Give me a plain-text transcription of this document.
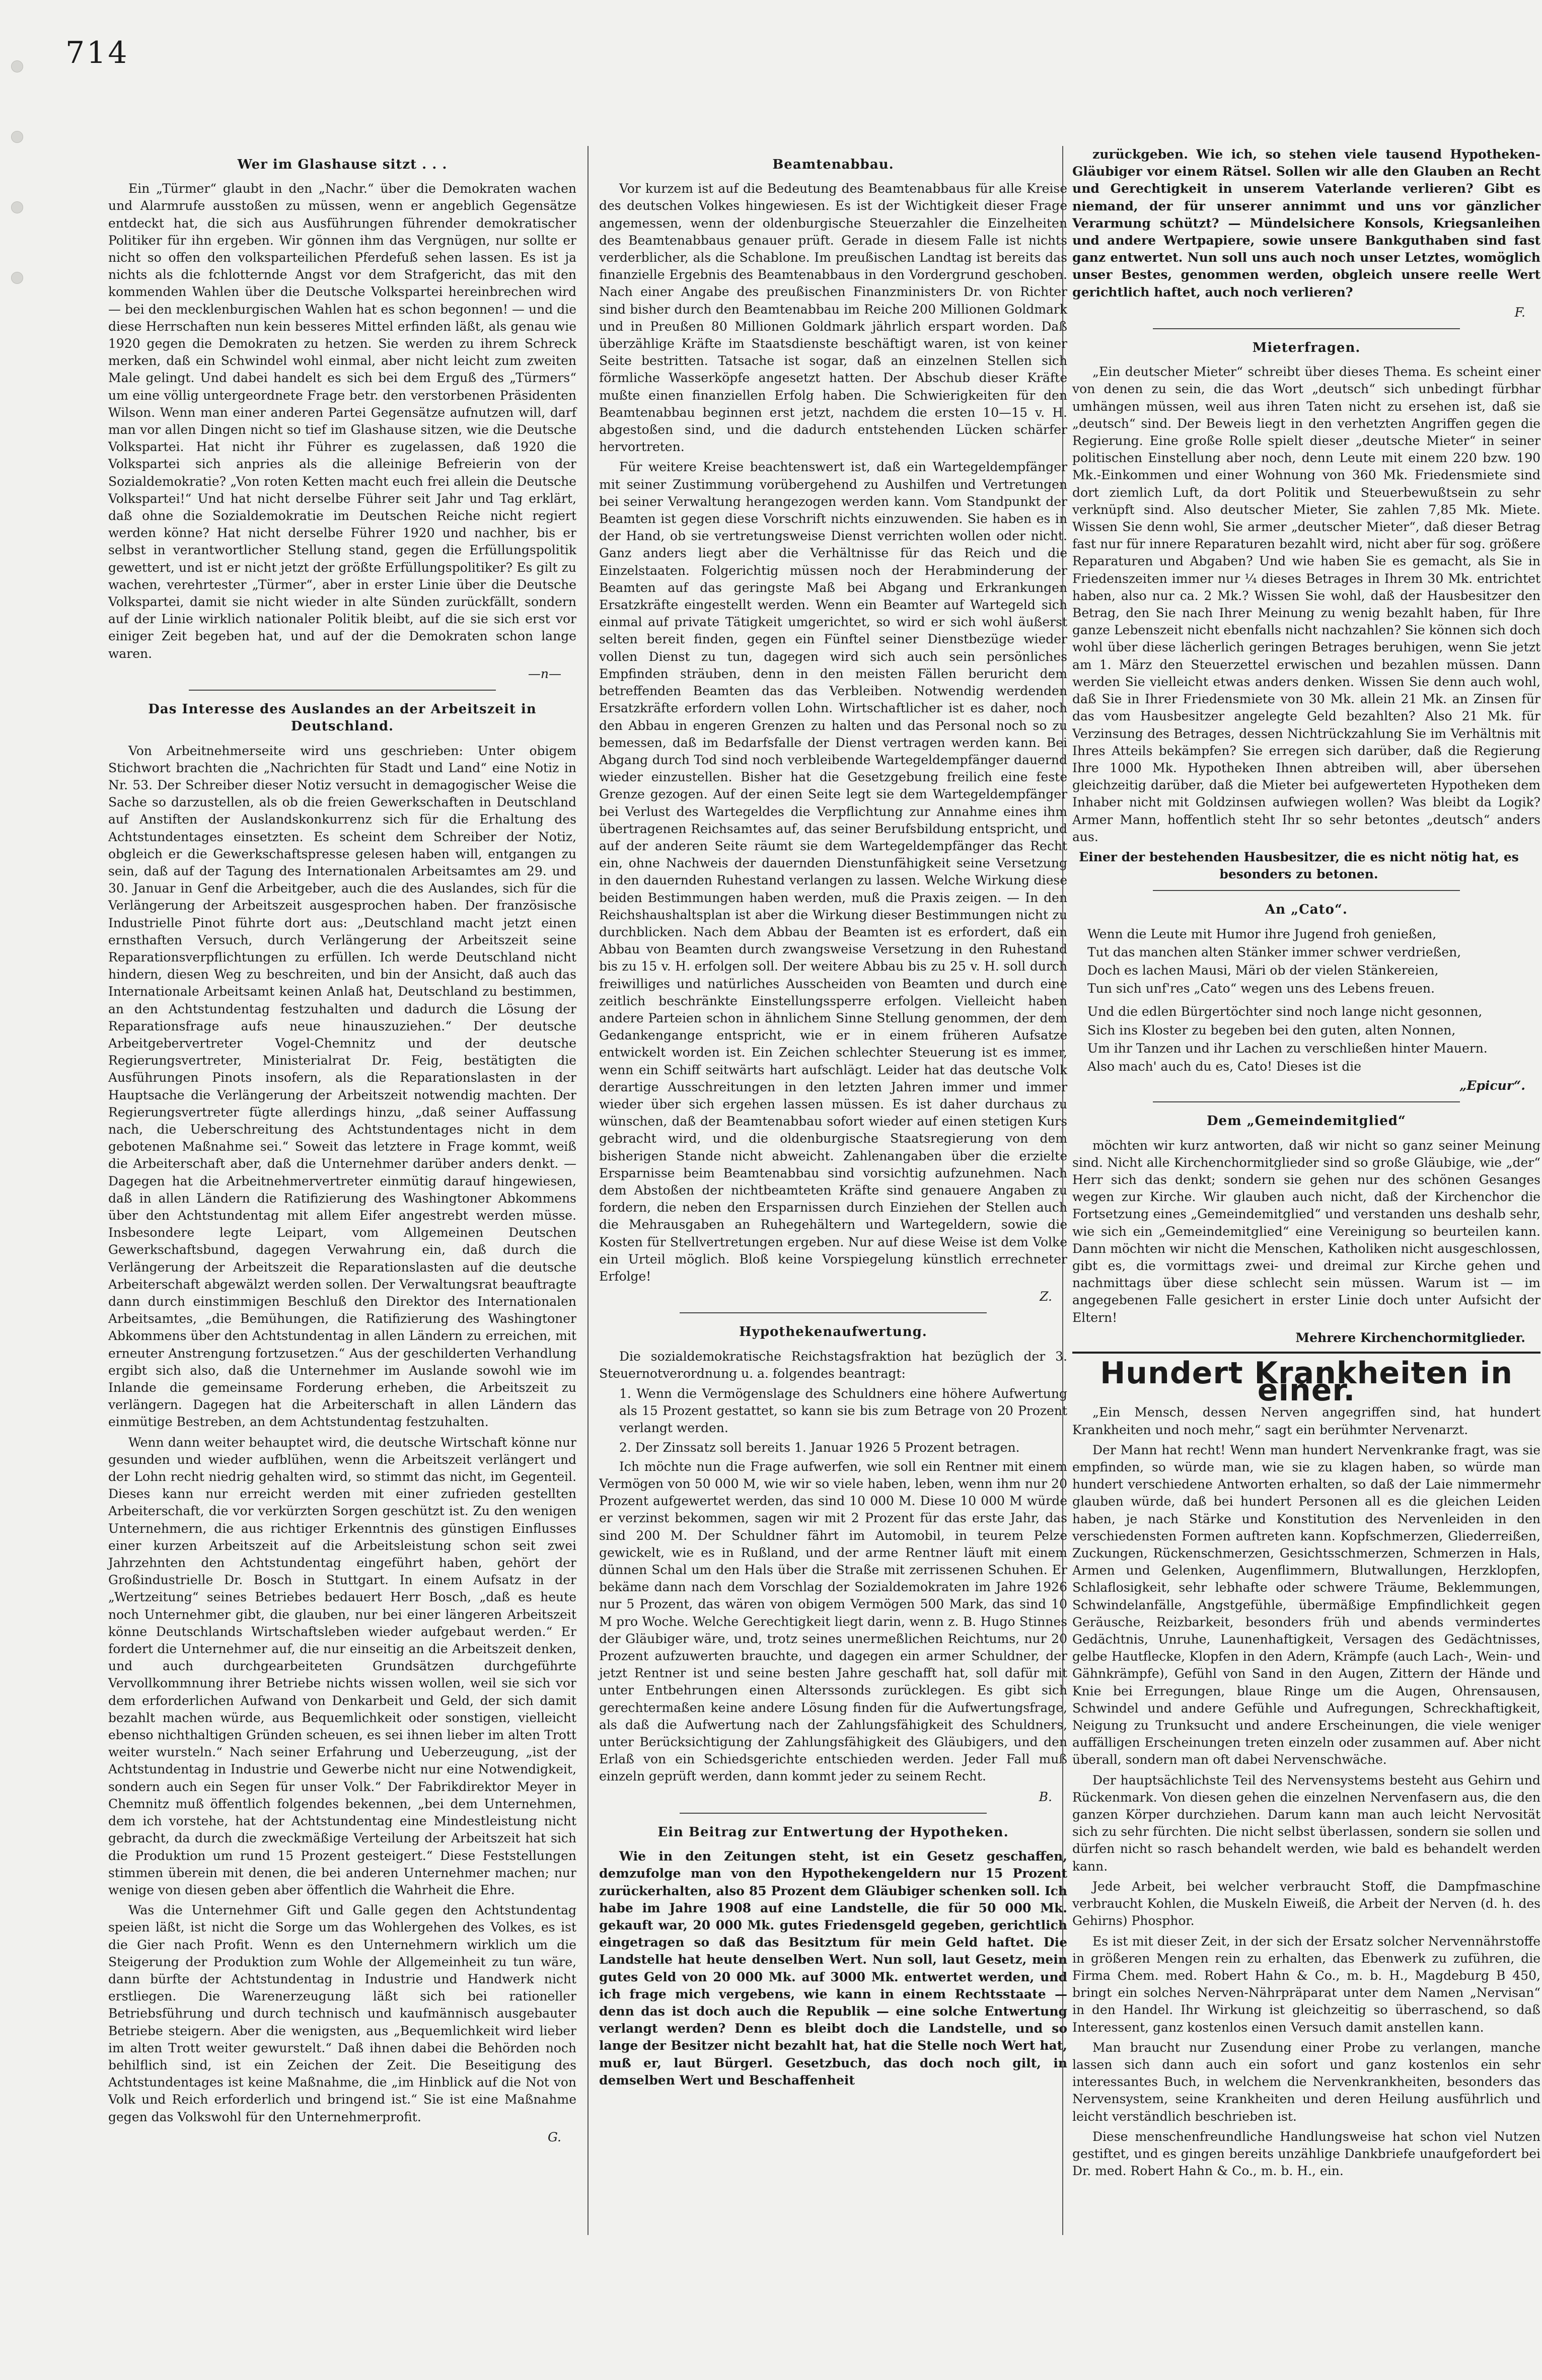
714
Wer im Glashause sitzt . . .

Ein „Türmer“ glaubt in den „Nachr.“ über die Demokraten wachen und Alarmrufe ausstoßen zu müssen, wenn er angeblich Gegensätze entdeckt hat, die sich aus Ausführungen führender demokratischer Politiker für ihn ergeben. Wir gönnen ihm das Vergnügen, nur sollte er nicht so offen den volksparteilichen Pferdefuß sehen lassen. Es ist ja nichts als die fchlotternde Angst vor dem Strafgericht, das mit den kommenden Wahlen über die Deutsche Volkspartei hereinbrechen wird — bei den mecklenburgischen Wahlen hat es schon begonnen! — und die diese Herrschaften nun kein besseres Mittel erfinden läßt, als genau wie 1920 gegen die Demokraten zu hetzen. Sie werden zu ihrem Schreck merken, daß ein Schwindel wohl einmal, aber nicht leicht zum zweiten Male gelingt. Und dabei handelt es sich bei dem Erguß des „Türmers“ um eine völlig untergeordnete Frage betr. den verstorbenen Präsidenten Wilson. Wenn man einer anderen Partei Gegensätze aufnutzen will, darf man vor allen Dingen nicht so tief im Glashause sitzen, wie die Deutsche Volkspartei. Hat nicht ihr Führer es zugelassen, daß 1920 die Volkspartei sich anpries als die alleinige Befreierin von der Sozialdemokratie? „Von roten Ketten macht euch frei allein die Deutsche Volkspartei!“ Und hat nicht derselbe Führer seit Jahr und Tag erklärt, daß ohne die Sozialdemokratie im Deutschen Reiche nicht regiert werden könne? Hat nicht derselbe Führer 1920 und nachher, bis er selbst in verantwortlicher Stellung stand, gegen die Erfüllungspolitik gewettert, und ist er nicht jetzt der größte Erfüllungspolitiker? Es gilt zu wachen, verehrtester „Türmer“, aber in erster Linie über die Deutsche Volkspartei, damit sie nicht wieder in alte Sünden zurückfällt, sondern auf der Linie wirklich nationaler Politik bleibt, auf die sie sich erst vor einiger Zeit begeben hat, und auf der die Demokraten schon lange waren.

—n—
Das Interesse des Auslandes an der Arbeitszeit in Deutschland.

Von Arbeitnehmerseite wird uns geschrieben: Unter obigem Stichwort brachten die „Nachrichten für Stadt und Land“ eine Notiz in Nr. 53. Der Schreiber dieser Notiz versucht in demagogischer Weise die Sache so darzustellen, als ob die freien Gewerkschaften in Deutschland auf Anstiften der Auslandskonkurrenz sich für die Erhaltung des Achtstundentages einsetzten. Es scheint dem Schreiber der Notiz, obgleich er die Gewerkschaftspresse gelesen haben will, entgangen zu sein, daß auf der Tagung des Internationalen Arbeitsamtes am 29. und 30. Januar in Genf die Arbeitgeber, auch die des Auslandes, sich für die Verlängerung der Arbeitszeit ausgesprochen haben. Der französische Industrielle Pinot führte dort aus: „Deutschland macht jetzt einen ernsthaften Versuch, durch Verlängerung der Arbeitszeit seine Reparationsverpflichtungen zu erfüllen. Ich werde Deutschland nicht hindern, diesen Weg zu beschreiten, und bin der Ansicht, daß auch das Internationale Arbeitsamt keinen Anlaß hat, Deutschland zu bestimmen, an den Achtstundentag festzuhalten und dadurch die Lösung der Reparationsfrage aufs neue hinauszuziehen.“ Der deutsche Arbeitgebervertreter Vogel-Chemnitz und der deutsche Regierungsvertreter, Ministerialrat Dr. Feig, bestätigten die Ausführungen Pinots insofern, als die Reparationslasten in der Hauptsache die Verlängerung der Arbeitszeit notwendig machten. Der Regierungsvertreter fügte allerdings hinzu, „daß seiner Auffassung nach, die Ueberschreitung des Achtstundentages nicht in dem gebotenen Maßnahme sei.“ Soweit das letztere in Frage kommt, weiß die Arbeiterschaft aber, daß die Unternehmer darüber anders denkt. — Dagegen hat die Arbeitnehmervertreter einmütig darauf hingewiesen, daß in allen Ländern die Ratifizierung des Washingtoner Abkommens über den Achtstundentag mit allem Eifer angestrebt werden müsse. Insbesondere legte Leipart, vom Allgemeinen Deutschen Gewerkschaftsbund, dagegen Verwahrung ein, daß durch die Verlängerung der Arbeitszeit die Reparationslasten auf die deutsche Arbeiterschaft abgewälzt werden sollen. Der Verwaltungsrat beauftragte dann durch einstimmigen Beschluß den Direktor des Internationalen Arbeitsamtes, „die Bemühungen, die Ratifizierung des Washingtoner Abkommens über den Achtstundentag in allen Ländern zu erreichen, mit erneuter Anstrengung fortzusetzen.“ Aus der geschilderten Verhandlung ergibt sich also, daß die Unternehmer im Auslande sowohl wie im Inlande die gemeinsame Forderung erheben, die Arbeitszeit zu verlängern. Dagegen hat die Arbeiterschaft in allen Ländern das einmütige Bestreben, an dem Achtstundentag festzuhalten.

Wenn dann weiter behauptet wird, die deutsche Wirtschaft könne nur gesunden und wieder aufblühen, wenn die Arbeitszeit verlängert und der Lohn recht niedrig gehalten wird, so stimmt das nicht, im Gegenteil. Dieses kann nur erreicht werden mit einer zufrieden gestellten Arbeiterschaft, die vor verkürzten Sorgen geschützt ist. Zu den wenigen Unternehmern, die aus richtiger Erkenntnis des günstigen Einflusses einer kurzen Arbeitszeit auf die Arbeitsleistung schon seit zwei Jahrzehnten den Achtstundentag eingeführt haben, gehört der Großindustrielle Dr. Bosch in Stuttgart. In einem Aufsatz in der „Wertzeitung“ seines Betriebes bedauert Herr Bosch, „daß es heute noch Unternehmer gibt, die glauben, nur bei einer längeren Arbeitszeit könne Deutschlands Wirtschaftsleben wieder aufgebaut werden.“ Er fordert die Unternehmer auf, die nur einseitig an die Arbeitszeit denken, und auch durchgearbeiteten Grundsätzen durchgeführte Vervollkommnung ihrer Betriebe nichts wissen wollen, weil sie sich vor dem erforderlichen Aufwand von Denkarbeit und Geld, der sich damit bezahlt machen würde, aus Bequemlichkeit oder sonstigen, vielleicht ebenso nichthaltigen Gründen scheuen, es sei ihnen lieber im alten Trott weiter wursteln.“ Nach seiner Erfahrung und Ueberzeugung, „ist der Achtstundentag in Industrie und Gewerbe nicht nur eine Notwendigkeit, sondern auch ein Segen für unser Volk.“ Der Fabrikdirektor Meyer in Chemnitz muß öffentlich folgendes bekennen, „bei dem Unternehmen, dem ich vorstehe, hat der Achtstundentag eine Mindestleistung nicht gebracht, da durch die zweckmäßige Verteilung der Arbeitszeit hat sich die Produktion um rund 15 Prozent gesteigert.“ Diese Feststellungen stimmen überein mit denen, die bei anderen Unternehmer machen; nur wenige von diesen geben aber öffentlich die Wahrheit die Ehre.

Was die Unternehmer Gift und Galle gegen den Achtstundentag speien läßt, ist nicht die Sorge um das Wohlergehen des Volkes, es ist die Gier nach Profit. Wenn es den Unternehmern wirklich um die Steigerung der Produktion zum Wohle der Allgemeinheit zu tun wäre, dann bürfte der Achtstundentag in Industrie und Handwerk nicht erstliegen. Die Warenerzeugung läßt sich bei rationeller Betriebsführung und durch technisch und kaufmännisch ausgebauter Betriebe steigern. Aber die wenigsten, aus „Bequemlichkeit wird lieber im alten Trott weiter gewurstelt.“ Daß ihnen dabei die Behörden noch behilflich sind, ist ein Zeichen der Zeit. Die Beseitigung des Achtstundentages ist keine Maßnahme, die „im Hinblick auf die Not von Volk und Reich erforderlich und bringend ist.“ Sie ist eine Maßnahme gegen das Volkswohl für den Unternehmerprofit.

G.
Beamtenabbau.

Vor kurzem ist auf die Bedeutung des Beamtenabbaus für alle Kreise des deutschen Volkes hingewiesen. Es ist der Wichtigkeit dieser Frage angemessen, wenn der oldenburgische Steuerzahler die Einzelheiten des Beamtenabbaus genauer prüft. Gerade in diesem Falle ist nichts verderblicher, als die Schablone. Im preußischen Landtag ist bereits das finanzielle Ergebnis des Beamtenabbaus in den Vordergrund geschoben. Nach einer Angabe des preußischen Finanzministers Dr. von Richter sind bisher durch den Beamtenabbau im Reiche 200 Millionen Goldmark und in Preußen 80 Millionen Goldmark jährlich erspart worden. Daß überzählige Kräfte im Staatsdienste beschäftigt waren, ist von keiner Seite bestritten. Tatsache ist sogar, daß an einzelnen Stellen sich förmliche Wasserköpfe angesetzt hatten. Der Abschub dieser Kräfte mußte einen finanziellen Erfolg haben. Die Schwierigkeiten für den Beamtenabbau beginnen erst jetzt, nachdem die ersten 10—15 v. H. abgestoßen sind, und die dadurch entstehenden Lücken schärfer hervortreten.

Für weitere Kreise beachtenswert ist, daß ein Wartegeldempfänger mit seiner Zustimmung vorübergehend zu Aushilfen und Vertretungen bei seiner Verwaltung herangezogen werden kann. Vom Standpunkt der Beamten ist gegen diese Vorschrift nichts einzuwenden. Sie haben es in der Hand, ob sie vertretungsweise Dienst verrichten wollen oder nicht. Ganz anders liegt aber die Verhältnisse für das Reich und die Einzelstaaten. Folgerichtig müssen noch der Herabminderung der Beamten auf das geringste Maß bei Abgang und Erkrankungen Ersatzkräfte eingestellt werden. Wenn ein Beamter auf Wartegeld sich einmal auf private Tätigkeit umgerichtet, so wird er sich wohl äußerst selten bereit finden, gegen ein Fünftel seiner Dienstbezüge wieder vollen Dienst zu tun, dagegen wird sich auch sein persönliches Empfinden sträuben, denn in den meisten Fällen beruricht dem betreffenden Beamten das das Verbleiben. Notwendig werdenden Ersatzkräfte erfordern vollen Lohn. Wirtschaftlicher ist es daher, noch den Abbau in engeren Grenzen zu halten und das Personal noch so zu bemessen, daß im Bedarfsfalle der Dienst vertragen werden kann. Bei Abgang durch Tod sind noch verbleibende Wartegeldempfänger dauernd wieder einzustellen. Bisher hat die Gesetzgebung freilich eine feste Grenze gezogen. Auf der einen Seite legt sie dem Wartegeldempfänger bei Verlust des Wartegeldes die Verpflichtung zur Annahme eines ihm übertragenen Reichsamtes auf, das seiner Berufsbildung entspricht, und auf der anderen Seite räumt sie dem Wartegeldempfänger das Recht ein, ohne Nachweis der dauernden Dienstunfähigkeit seine Versetzung in den dauernden Ruhestand verlangen zu lassen. Welche Wirkung diese beiden Bestimmungen haben werden, muß die Praxis zeigen. — In den Reichshaushaltsplan ist aber die Wirkung dieser Bestimmungen nicht zu durchblicken. Nach dem Abbau der Beamten ist es erfordert, daß ein Abbau von Beamten durch zwangsweise Versetzung in den Ruhestand bis zu 15 v. H. erfolgen soll. Der weitere Abbau bis zu 25 v. H. soll durch freiwilliges und natürliches Ausscheiden von Beamten und durch eine zeitlich beschränkte Einstellungssperre erfolgen. Vielleicht haben andere Parteien schon in ähnlichem Sinne Stellung genommen, der dem Gedankengange entspricht, wie er in einem früheren Aufsatze entwickelt worden ist. Ein Zeichen schlechter Steuerung ist es immer, wenn ein Schiff seitwärts hart aufschlägt. Leider hat das deutsche Volk derartige Ausschreitungen in den letzten Jahren immer und immer wieder über sich ergehen lassen müssen. Es ist daher durchaus zu wünschen, daß der Beamtenabbau sofort wieder auf einen stetigen Kurs gebracht wird, und die oldenburgische Staatsregierung von dem bisherigen Stande nicht abweicht. Zahlenangaben über die erzielte Ersparnisse beim Beamtenabbau sind vorsichtig aufzunehmen. Nach dem Abstoßen der nichtbeamteten Kräfte sind genauere Angaben zu fordern, die neben den Ersparnissen durch Einziehen der Stellen auch die Mehrausgaben an Ruhegehältern und Wartegeldern, sowie die Kosten für Stellvertretungen ergeben. Nur auf diese Weise ist dem Volke ein Urteil möglich. Bloß keine Vorspiegelung künstlich errechneter Erfolge!

Z.
Hypothekenaufwertung.

Die sozialdemokratische Reichstagsfraktion hat bezüglich der 3. Steuernotverordnung u. a. folgendes beantragt:

1. Wenn die Vermögenslage des Schuldners eine höhere Aufwertung als 15 Prozent gestattet, so kann sie bis zum Betrage von 20 Prozent verlangt werden.

2. Der Zinssatz soll bereits 1. Januar 1926 5 Prozent betragen.

Ich möchte nun die Frage aufwerfen, wie soll ein Rentner mit einem Vermögen von 50 000 M, wie wir so viele haben, leben, wenn ihm nur 20 Prozent aufgewertet werden, das sind 10 000 M. Diese 10 000 M würde er verzinst bekommen, sagen wir mit 2 Prozent für das erste Jahr, das sind 200 M. Der Schuldner fährt im Automobil, in teurem Pelze gewickelt, wie es in Rußland, und der arme Rentner läuft mit einem dünnen Schal um den Hals über die Straße mit zerrissenen Schuhen. Er bekäme dann nach dem Vorschlag der Sozialdemokraten im Jahre 1926 nur 5 Prozent, das wären von obigem Vermögen 500 Mark, das sind 10 M pro Woche. Welche Gerechtigkeit liegt darin, wenn z. B. Hugo Stinnes der Gläubiger wäre, und, trotz seines unermeßlichen Reichtums, nur 20 Prozent aufzuwerten brauchte, und dagegen ein armer Schuldner, der jetzt Rentner ist und seine besten Jahre geschafft hat, soll dafür mit unter Entbehrungen einen Alterssonds zurücklegen. Es gibt sich gerechtermaßen keine andere Lösung finden für die Aufwertungsfrage, als daß die Aufwertung nach der Zahlungsfähigkeit des Schuldners, unter Berücksichtigung der Zahlungsfähigkeit des Gläubigers, und den Erlaß von ein Schiedsgerichte entschieden werden. Jeder Fall muß einzeln geprüft werden, dann kommt jeder zu seinem Recht.

B.
Ein Beitrag zur Entwertung der Hypotheken.

Wie in den Zeitungen steht, ist ein Gesetz geschaffen, demzufolge man von den Hypothekengeldern nur 15 Prozent zurückerhalten, also 85 Prozent dem Gläubiger schenken soll. Ich habe im Jahre 1908 auf eine Landstelle, die für 50 000 Mk. gekauft war, 20 000 Mk. gutes Friedensgeld gegeben, gerichtlich eingetragen so daß das Besitztum für mein Geld haftet. Die Landstelle hat heute denselben Wert. Nun soll, laut Gesetz, mein gutes Geld von 20 000 Mk. auf 3000 Mk. entwertet werden, und ich frage mich vergebens, wie kann in einem Rechtsstaate — denn das ist doch auch die Republik — eine solche Entwertung verlangt werden? Denn es bleibt doch die Landstelle, und so lange der Besitzer nicht bezahlt hat, hat die Stelle noch Wert hat, muß er, laut Bürgerl. Gesetzbuch, das doch noch gilt, in demselben Wert und Beschaffenheit

zurückgeben. Wie ich, so stehen viele tausend Hypotheken-Gläubiger vor einem Rätsel. Sollen wir alle den Glauben an Recht und Gerechtigkeit in unserem Vaterlande verlieren? Gibt es niemand, der für unserer annimmt und uns vor gänzlicher Verarmung schützt? — Mündelsichere Konsols, Kriegsanleihen und andere Wertpapiere, sowie unsere Bankguthaben sind fast ganz entwertet. Nun soll uns auch noch unser Letztes, womöglich unser Bestes, genommen werden, obgleich unsere reelle Wert gerichtlich haftet, auch noch verlieren?

F.
Mieterfragen.

„Ein deutscher Mieter“ schreibt über dieses Thema. Es scheint einer von denen zu sein, die das Wort „deutsch“ sich unbedingt fürbhar umhängen müssen, weil aus ihren Taten nicht zu ersehen ist, daß sie „deutsch“ sind. Der Beweis liegt in den verhetzten Angriffen gegen die Regierung. Eine große Rolle spielt dieser „deutsche Mieter“ in seiner politischen Einstellung aber noch, denn Leute mit einem 220 bzw. 190 Mk.-Einkommen und einer Wohnung von 360 Mk. Friedensmiete sind dort ziemlich Luft, da dort Politik und Steuerbewußtsein zu sehr verknüpft sind. Also deutscher Mieter, Sie zahlen 7,85 Mk. Miete. Wissen Sie denn wohl, Sie armer „deutscher Mieter“, daß dieser Betrag fast nur für innere Reparaturen bezahlt wird, nicht aber für sog. größere Reparaturen und Abgaben? Und wie haben Sie es gemacht, als Sie in Friedenszeiten immer nur ¼ dieses Betrages in Ihrem 30 Mk. entrichtet haben, also nur ca. 2 Mk.? Wissen Sie wohl, daß der Hausbesitzer den Betrag, den Sie nach Ihrer Meinung zu wenig bezahlt haben, für Ihre ganze Lebenszeit nicht ebenfalls nicht nachzahlen? Sie können sich doch wohl über diese lächerlich geringen Betrages beruhigen, wenn Sie jetzt am 1. März den Steuerzettel erwischen und bezahlen müssen. Dann werden Sie vielleicht etwas anders denken. Wissen Sie denn auch wohl, daß Sie in Ihrer Friedensmiete von 30 Mk. allein 21 Mk. an Zinsen für das vom Hausbesitzer angelegte Geld bezahlten? Also 21 Mk. für Verzinsung des Betrages, dessen Nichtrückzahlung Sie im Verhältnis mit Ihres Atteils bekämpfen? Sie erregen sich darüber, daß die Regierung Ihre 1000 Mk. Hypotheken Ihnen abtreiben will, aber übersehen gleichzeitig darüber, daß die Mieter bei aufgewerteten Hypotheken dem Inhaber nicht mit Goldzinsen aufwiegen wollen? Was bleibt da Logik? Armer Mann, hoffentlich steht Ihr so sehr betontes „deutsch“ anders aus.

Einer der bestehenden Hausbesitzer, die es nicht nötig hat, es besonders zu betonen.
An „Cato“.

Wenn die Leute mit Humor ihre Jugend froh genießen,

Tut das manchen alten Stänker immer schwer verdrießen,

Doch es lachen Mausi, Märi ob der vielen Stänkereien,

Tun sich unf'res „Cato“ wegen uns des Lebens freuen.

Und die edlen Bürgertöchter sind noch lange nicht gesonnen,

Sich ins Kloster zu begeben bei den guten, alten Nonnen,

Um ihr Tanzen und ihr Lachen zu verschließen hinter Mauern.

Also mach' auch du es, Cato! Dieses ist die

„Epicur“.
Dem „Gemeindemitglied“

möchten wir kurz antworten, daß wir nicht so ganz seiner Meinung sind. Nicht alle Kirchenchormitglieder sind so große Gläubige, wie „der“ Herr sich das denkt; sondern sie gehen nur des schönen Gesanges wegen zur Kirche. Wir glauben auch nicht, daß der Kirchenchor die Fortsetzung eines „Gemeindemitglied“ und verstanden uns deshalb sehr, wie sich ein „Gemeindemitglied“ eine Vereinigung so beurteilen kann. Dann möchten wir nicht die Menschen, Katholiken nicht ausgeschlossen, gibt es, die vormittags zwei- und dreimal zur Kirche gehen und nachmittags über diese schlecht sein müssen. Warum ist — im angegebenen Falle gesichert in erster Linie doch unter Aufsicht der Eltern!

Mehrere Kirchenchormitglieder.
Hundert Krankheiten in einer.

„Ein Mensch, dessen Nerven angegriffen sind, hat hundert Krankheiten und noch mehr,“ sagt ein berühmter Nervenarzt.

Der Mann hat recht! Wenn man hundert Nervenkranke fragt, was sie empfinden, so würde man, wie sie zu klagen haben, so würde man hundert verschiedene Antworten erhalten, so daß der Laie nimmermehr glauben würde, daß bei hundert Personen all es die gleichen Leiden haben, je nach Stärke und Konstitution des Nervenleiden in den verschiedensten Formen auftreten kann. Kopfschmerzen, Gliederreißen, Zuckungen, Rückenschmerzen, Gesichtsschmerzen, Schmerzen in Hals, Armen und Gelenken, Augenflimmern, Blutwallungen, Herzklopfen, Schlaflosigkeit, sehr lebhafte oder schwere Träume, Beklemmungen, Schwindelanfälle, Angstgefühle, übermäßige Empfindlichkeit gegen Geräusche, Reizbarkeit, besonders früh und abends vermindertes Gedächtnis, Unruhe, Launenhaftigkeit, Versagen des Gedächtnisses, gelbe Hautflecke, Klopfen in den Adern, Krämpfe (auch Lach-, Wein- und Gähnkrämpfe), Gefühl von Sand in den Augen, Zittern der Hände und Knie bei Erregungen, blaue Ringe um die Augen, Ohrensausen, Schwindel und andere Gefühle und Aufregungen, Schreckhaftigkeit, Neigung zu Trunksucht und andere Erscheinungen, die viele weniger auffälligen Erscheinungen treten einzeln oder zusammen auf. Aber nicht überall, sondern man oft dabei Nervenschwäche.

Der hauptsächlichste Teil des Nervensystems besteht aus Gehirn und Rückenmark. Von diesen gehen die einzelnen Nervenfasern aus, die den ganzen Körper durchziehen. Darum kann man auch leicht Nervosität sich zu sehr fürchten. Die nicht selbst überlassen, sondern sie sollen und dürfen nicht so rasch behandelt werden, wie bald es behandelt werden kann.

Jede Arbeit, bei welcher verbraucht Stoff, die Dampfmaschine verbraucht Kohlen, die Muskeln Eiweiß, die Arbeit der Nerven (d. h. des Gehirns) Phosphor.

Es ist mit dieser Zeit, in der sich der Ersatz solcher Nervennährstoffe in größeren Mengen rein zu erhalten, das Ebenwerk zu zuführen, die Firma Chem. med. Robert Hahn & Co., m. b. H., Magdeburg B 450, bringt ein solches Nerven-Nährpräparat unter dem Namen „Nervisan“ in den Handel. Ihr Wirkung ist gleichzeitig so überraschend, so daß Interessent, ganz kostenlos einen Versuch damit anstellen kann.

Man braucht nur Zusendung einer Probe zu verlangen, manche lassen sich dann auch ein sofort und ganz kostenlos ein sehr interessantes Buch, in welchem die Nervenkrankheiten, besonders das Nervensystem, seine Krankheiten und deren Heilung ausführlich und leicht verständlich beschrieben ist.

Diese menschenfreundliche Handlungsweise hat schon viel Nutzen gestiftet, und es gingen bereits unzählige Dankbriefe unaufgefordert bei Dr. med. Robert Hahn & Co., m. b. H., ein.
